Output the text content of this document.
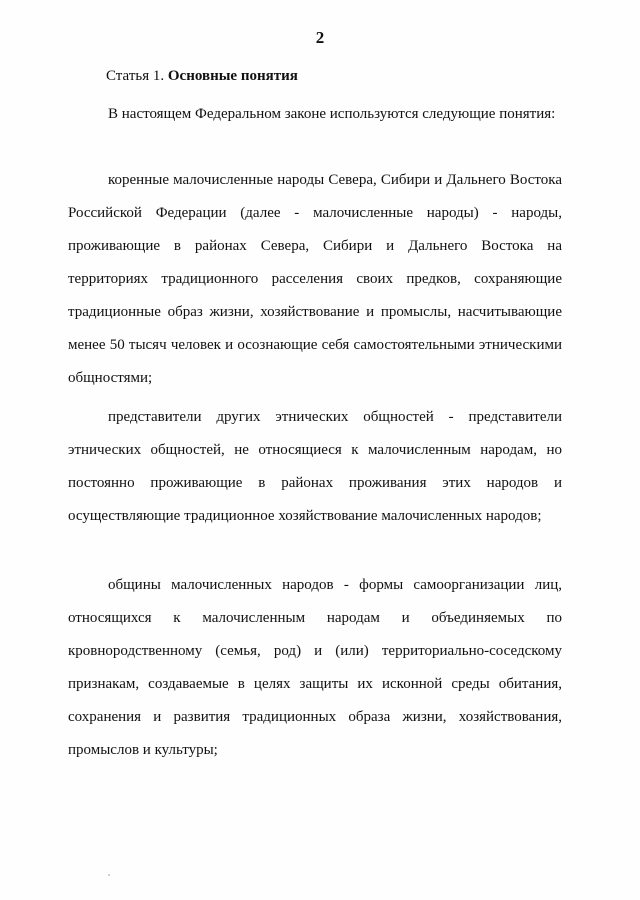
2
Статья 1. Основные понятия
В настоящем Федеральном законе используются следующие понятия:
коренные малочисленные народы Севера, Сибири и Дальнего Востока Российской Федерации (далее - малочисленные народы) - народы, проживающие в районах Севера, Сибири и Дальнего Востока на территориях традиционного расселения своих предков, сохраняющие традиционные образ жизни, хозяйствование и промыслы, насчитывающие менее 50 тысяч человек и осознающие себя самостоятельными этническими общностями;
представители других этнических общностей - представители этнических общностей, не относящиеся к малочисленным народам, но постоянно проживающие в районах проживания этих народов и осуществляющие традиционное хозяйствование малочисленных народов;
общины малочисленных народов - формы самоорганизации лиц, относящихся к малочисленным народам и объединяемых по кровнородственному (семья, род) и (или) территориально-соседскому признакам, создаваемые в целях защиты их исконной среды обитания, сохранения и развития традиционных образа жизни, хозяйствования, промыслов и культуры;
